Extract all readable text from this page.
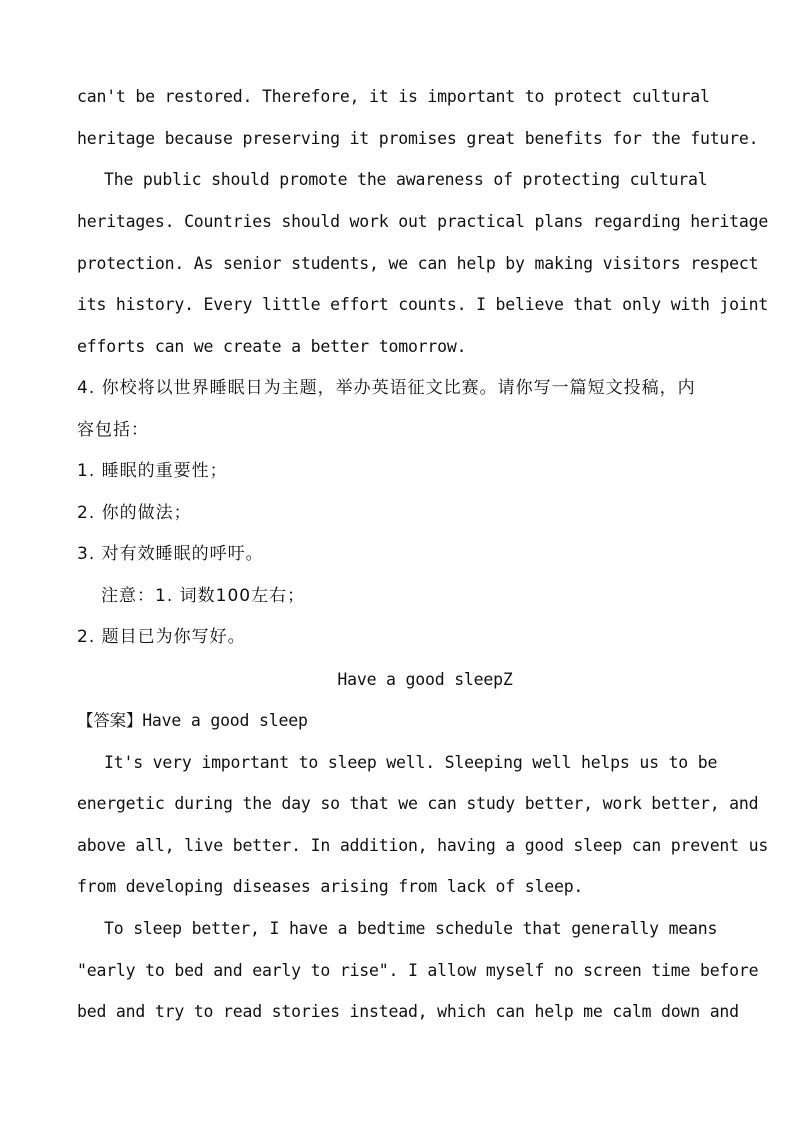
can't be restored. Therefore, it is important to protect cultural
heritage because preserving it promises great benefits for the future.
The public should promote the awareness of protecting cultural
heritages. Countries should work out practical plans regarding heritage
protection. As senior students, we can help by making visitors respect
its history. Every little effort counts. I believe that only with joint
efforts can we create a better tomorrow.
4. 你校将以世界睡眠日为主题，举办英语征文比赛。请你写一篇短文投稿，内
容包括：
1. 睡眠的重要性；
2. 你的做法；
3. 对有效睡眠的呼吁。
注意：1. 词数100左右；
2. 题目已为你写好。
Have a good sleepZ
【答案】Have a good sleep
It's very important to sleep well. Sleeping well helps us to be
energetic during the day so that we can study better, work better, and
above all, live better. In addition, having a good sleep can prevent us
from developing diseases arising from lack of sleep.
To sleep better, I have a bedtime schedule that generally means
"early to bed and early to rise". I allow myself no screen time before
bed and try to read stories instead, which can help me calm down and
